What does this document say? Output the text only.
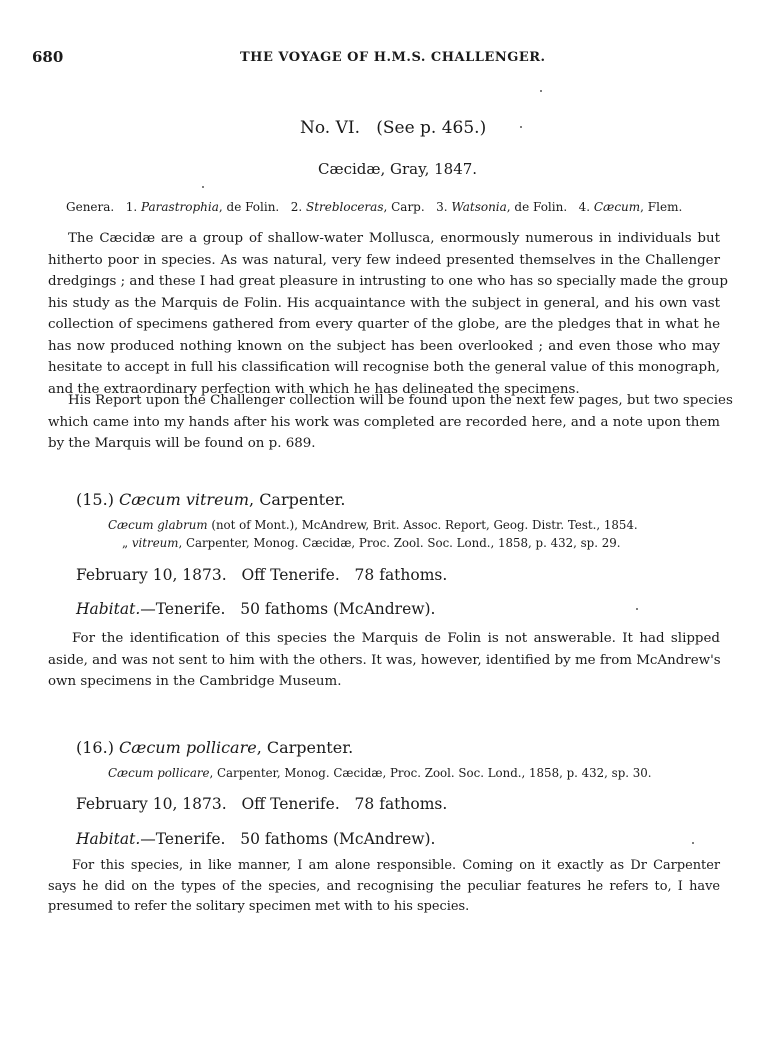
680	THE VOYAGE OF H.M.S. CHALLENGER.
No. VI.   (See p. 465.)
Cæcidæ, Gray, 1847.
Genera. 1. Parastrophia, de Folin. 2. Strebloceras, Carp. 3. Watsonia, de Folin. 4. Cæcum, Flem.
The Cæcidæ are a group of shallow-water Mollusca, enormously numerous in individuals but
hitherto poor in species. As was natural, very few indeed presented themselves in the Challenger
dredgings ; and these I had great pleasure in intrusting to one who has so specially made the group
his study as the Marquis de Folin. His acquaintance with the subject in general, and his own vast
collection of specimens gathered from every quarter of the globe, are the pledges that in what he
has now produced nothing known on the subject has been overlooked ; and even those who may
hesitate to accept in full his classification will recognise both the general value of this monograph,
and the extraordinary perfection with which he has delineated the specimens.
His Report upon the Challenger collection will be found upon the next few pages, but two species
which came into my hands after his work was completed are recorded here, and a note upon them
by the Marquis will be found on p. 689.
(15.) Cæcum vitreum, Carpenter.
Cæcum glabrum (not of Mont.), McAndrew, Brit. Assoc. Report, Geog. Distr. Test., 1854.
„ vitreum, Carpenter, Monog. Cæcidæ, Proc. Zool. Soc. Lond., 1858, p. 432, sp. 29.
February 10, 1873.   Off Tenerife.   78 fathoms.
Habitat.—Tenerife.   50 fathoms (McAndrew).
For the identification of this species the Marquis de Folin is not answerable. It had slipped
aside, and was not sent to him with the others. It was, however, identified by me from McAndrew's
own specimens in the Cambridge Museum.
(16.) Cæcum pollicare, Carpenter.
Cæcum pollicare, Carpenter, Monog. Cæcidæ, Proc. Zool. Soc. Lond., 1858, p. 432, sp. 30.
February 10, 1873.   Off Tenerife.   78 fathoms.
Habitat.—Tenerife.   50 fathoms (McAndrew).
For this species, in like manner, I am alone responsible. Coming on it exactly as Dr Carpenter
says he did on the types of the species, and recognising the peculiar features he refers to, I have
presumed to refer the solitary specimen met with to his species.
